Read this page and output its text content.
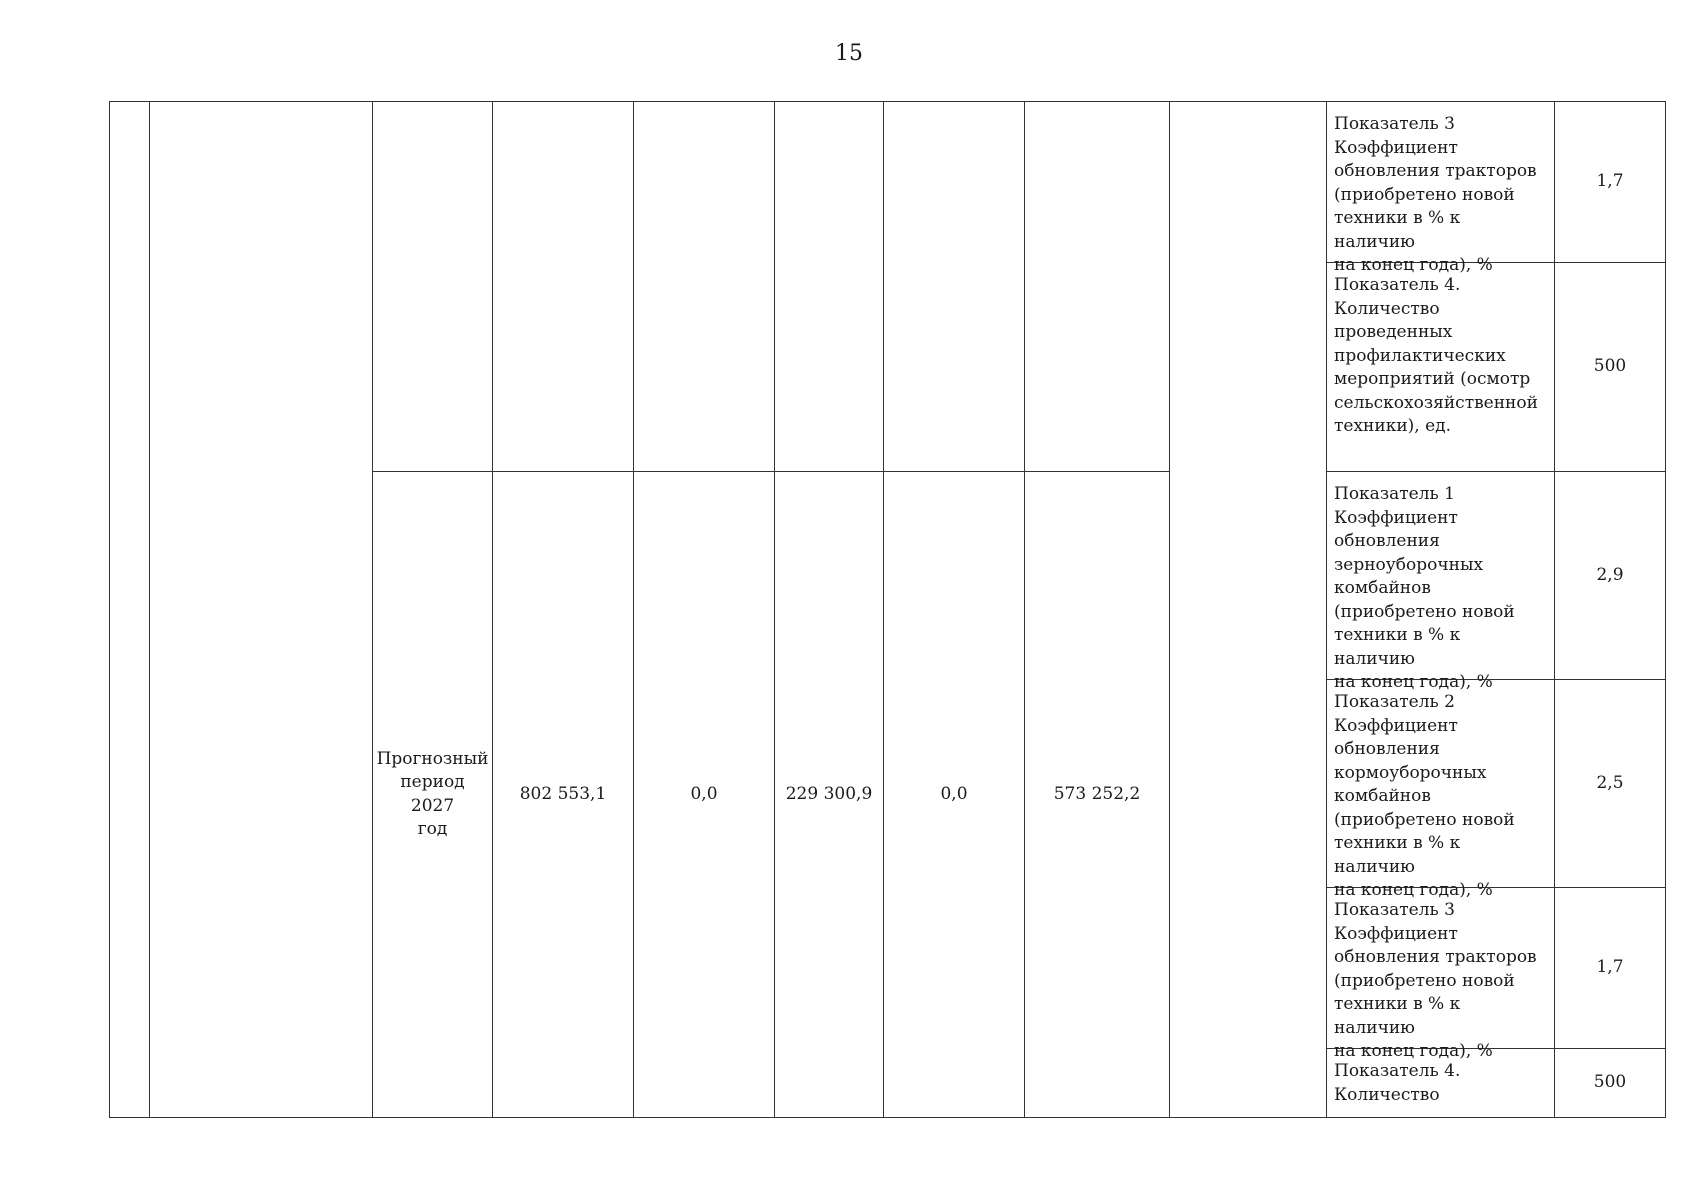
15
Прогнозный
период 2027
год
802 553,1	0,0	229 300,9	0,0	573 252,2
Показатель 3
Коэффициент
обновления тракторов
(приобретено новой
техники в % к наличию
на конец года), %
1,7
Показатель 4.
Количество
проведенных
профилактических
мероприятий (осмотр
сельскохозяйственной
техники), ед.
500
Показатель 1
Коэффициент
обновления
зерноуборочных
комбайнов
(приобретено новой
техники в % к наличию
на конец года), %
2,9
Показатель 2
Коэффициент
обновления
кормоуборочных
комбайнов
(приобретено новой
техники в % к наличию
на конец года), %
2,5
Показатель 3
Коэффициент
обновления тракторов
(приобретено новой
техники в % к наличию
на конец года), %
1,7
Показатель 4.
Количество
500
